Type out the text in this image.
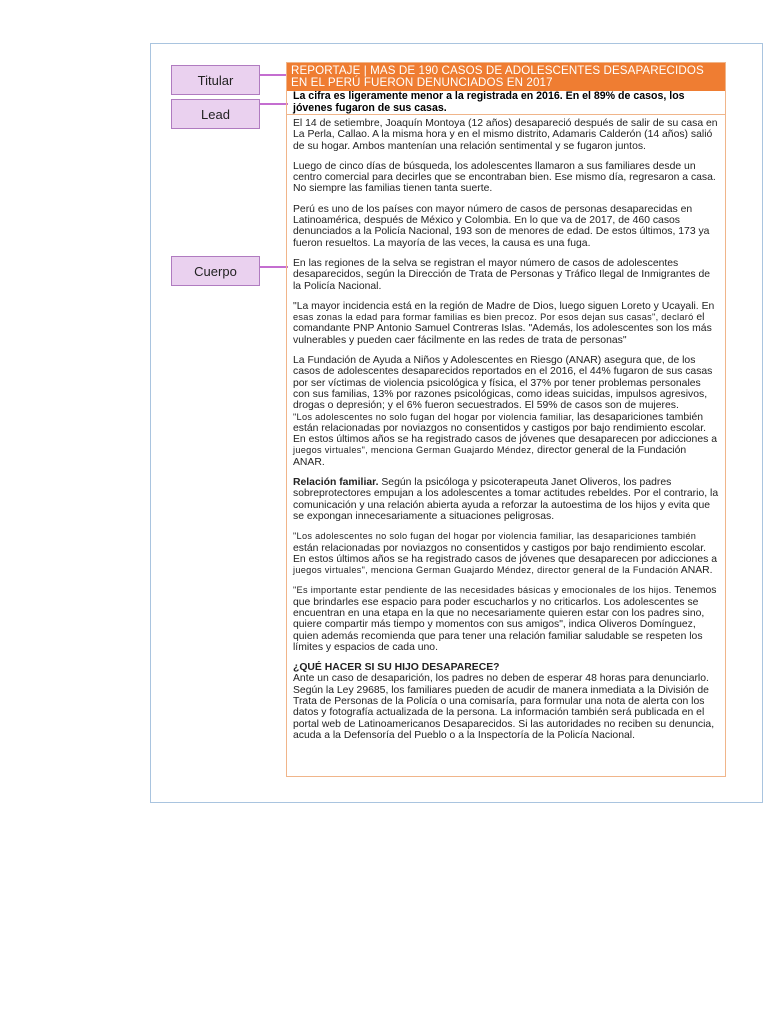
Titular
Lead
Cuerpo
REPORTAJE | MAS DE 190 CASOS DE ADOLESCENTES DESAPARECIDOS EN EL PERÚ FUERON DENUNCIADOS EN 2017
La cifra es ligeramente menor a la registrada en 2016. En el 89% de casos, los jóvenes fugaron de sus casas.

El 14 de setiembre, Joaquín Montoya (12 años) desapareció después de salir de su casa en La Perla, Callao. A la misma hora y en el mismo distrito, Adamaris Calderón (14 años) salió de su hogar. Ambos mantenían una relación sentimental y se fugaron juntos.

Luego de cinco días de búsqueda, los adolescentes llamaron a sus familiares desde un centro comercial para decirles que se encontraban bien. Ese mismo día, regresaron a casa. No siempre las familias tienen tanta suerte.

Perú es uno de los países con mayor número de casos de personas desaparecidas en Latinoamérica, después de México y Colombia. En lo que va de 2017, de 460 casos denunciados a la Policía Nacional, 193 son de menores de edad. De estos últimos, 173 ya fueron resueltos. La mayoría de las veces, la causa es una fuga.

En las regiones de la selva se registran el mayor número de casos de adolescentes desaparecidos, según la Dirección de Trata de Personas y Tráfico Ilegal de Inmigrantes de la Policía Nacional.

"La mayor incidencia está en la región de Madre de Dios, luego siguen Loreto y Ucayali. En esas zonas la edad para formar familias es bien precoz. Por esos dejan sus casas", declaró el comandante PNP Antonio Samuel Contreras Islas. "Además, los adolescentes son los más vulnerables y pueden caer fácilmente en las redes de trata de personas"

La Fundación de Ayuda a Niños y Adolescentes en Riesgo (ANAR) asegura que, de los casos de adolescentes desaparecidos reportados en el 2016, el 44% fugaron de sus casas por ser víctimas de violencia psicológica y física, el 37% por tener problemas personales con sus familias, 13% por razones psicológicas, como ideas suicidas, impulsos agresivos, drogas o depresión; y el 6% fueron secuestrados. El 59% de casos son de mujeres.

"Los adolescentes no solo fugan del hogar por violencia familiar, las desapariciones también están relacionadas por noviazgos no consentidos y castigos por bajo rendimiento escolar. En estos últimos años se ha registrado casos de jóvenes que desaparecen por adicciones a juegos virtuales", menciona German Guajardo Méndez, director general de la Fundación ANAR.

Relación familiar. Según la psicóloga y psicoterapeuta Janet Oliveros, los padres sobreprotectores empujan a los adolescentes a tomar actitudes rebeldes. Por el contrario, la comunicación y una relación abierta ayuda a reforzar la autoestima de los hijos y evita que se expongan innecesariamente a situaciones peligrosas.

"Los adolescentes no solo fugan del hogar por violencia familiar, las desapariciones también están relacionadas por noviazgos no consentidos y castigos por bajo rendimiento escolar. En estos últimos años se ha registrado casos de jóvenes que desaparecen por adicciones a juegos virtuales", menciona German Guajardo Méndez, director general de la Fundación ANAR.

"Es importante estar pendiente de las necesidades básicas y emocionales de los hijos. Tenemos que brindarles ese espacio para poder escucharlos y no criticarlos. Los adolescentes se encuentran en una etapa en la que no necesariamente quieren estar con los padres sino, quiere compartir más tiempo y momentos con sus amigos", indica Oliveros Domínguez, quien además recomienda que para tener una relación familiar saludable se respeten los límites y espacios de cada uno.

¿QUÉ HACER SI SU HIJO DESAPARECE?
Ante un caso de desaparición, los padres no deben de esperar 48 horas para denunciarlo. Según la Ley 29685, los familiares pueden de acudir de manera inmediata a la División de Trata de Personas de la Policía o una comisaría, para formular una nota de alerta con los datos y fotografía actualizada de la persona. La información también será publicada en el portal web de Latinoamericanos Desaparecidos. Si las autoridades no reciben su denuncia, acuda a la Defensoría del Pueblo o a la Inspectoría de la Policía Nacional.
